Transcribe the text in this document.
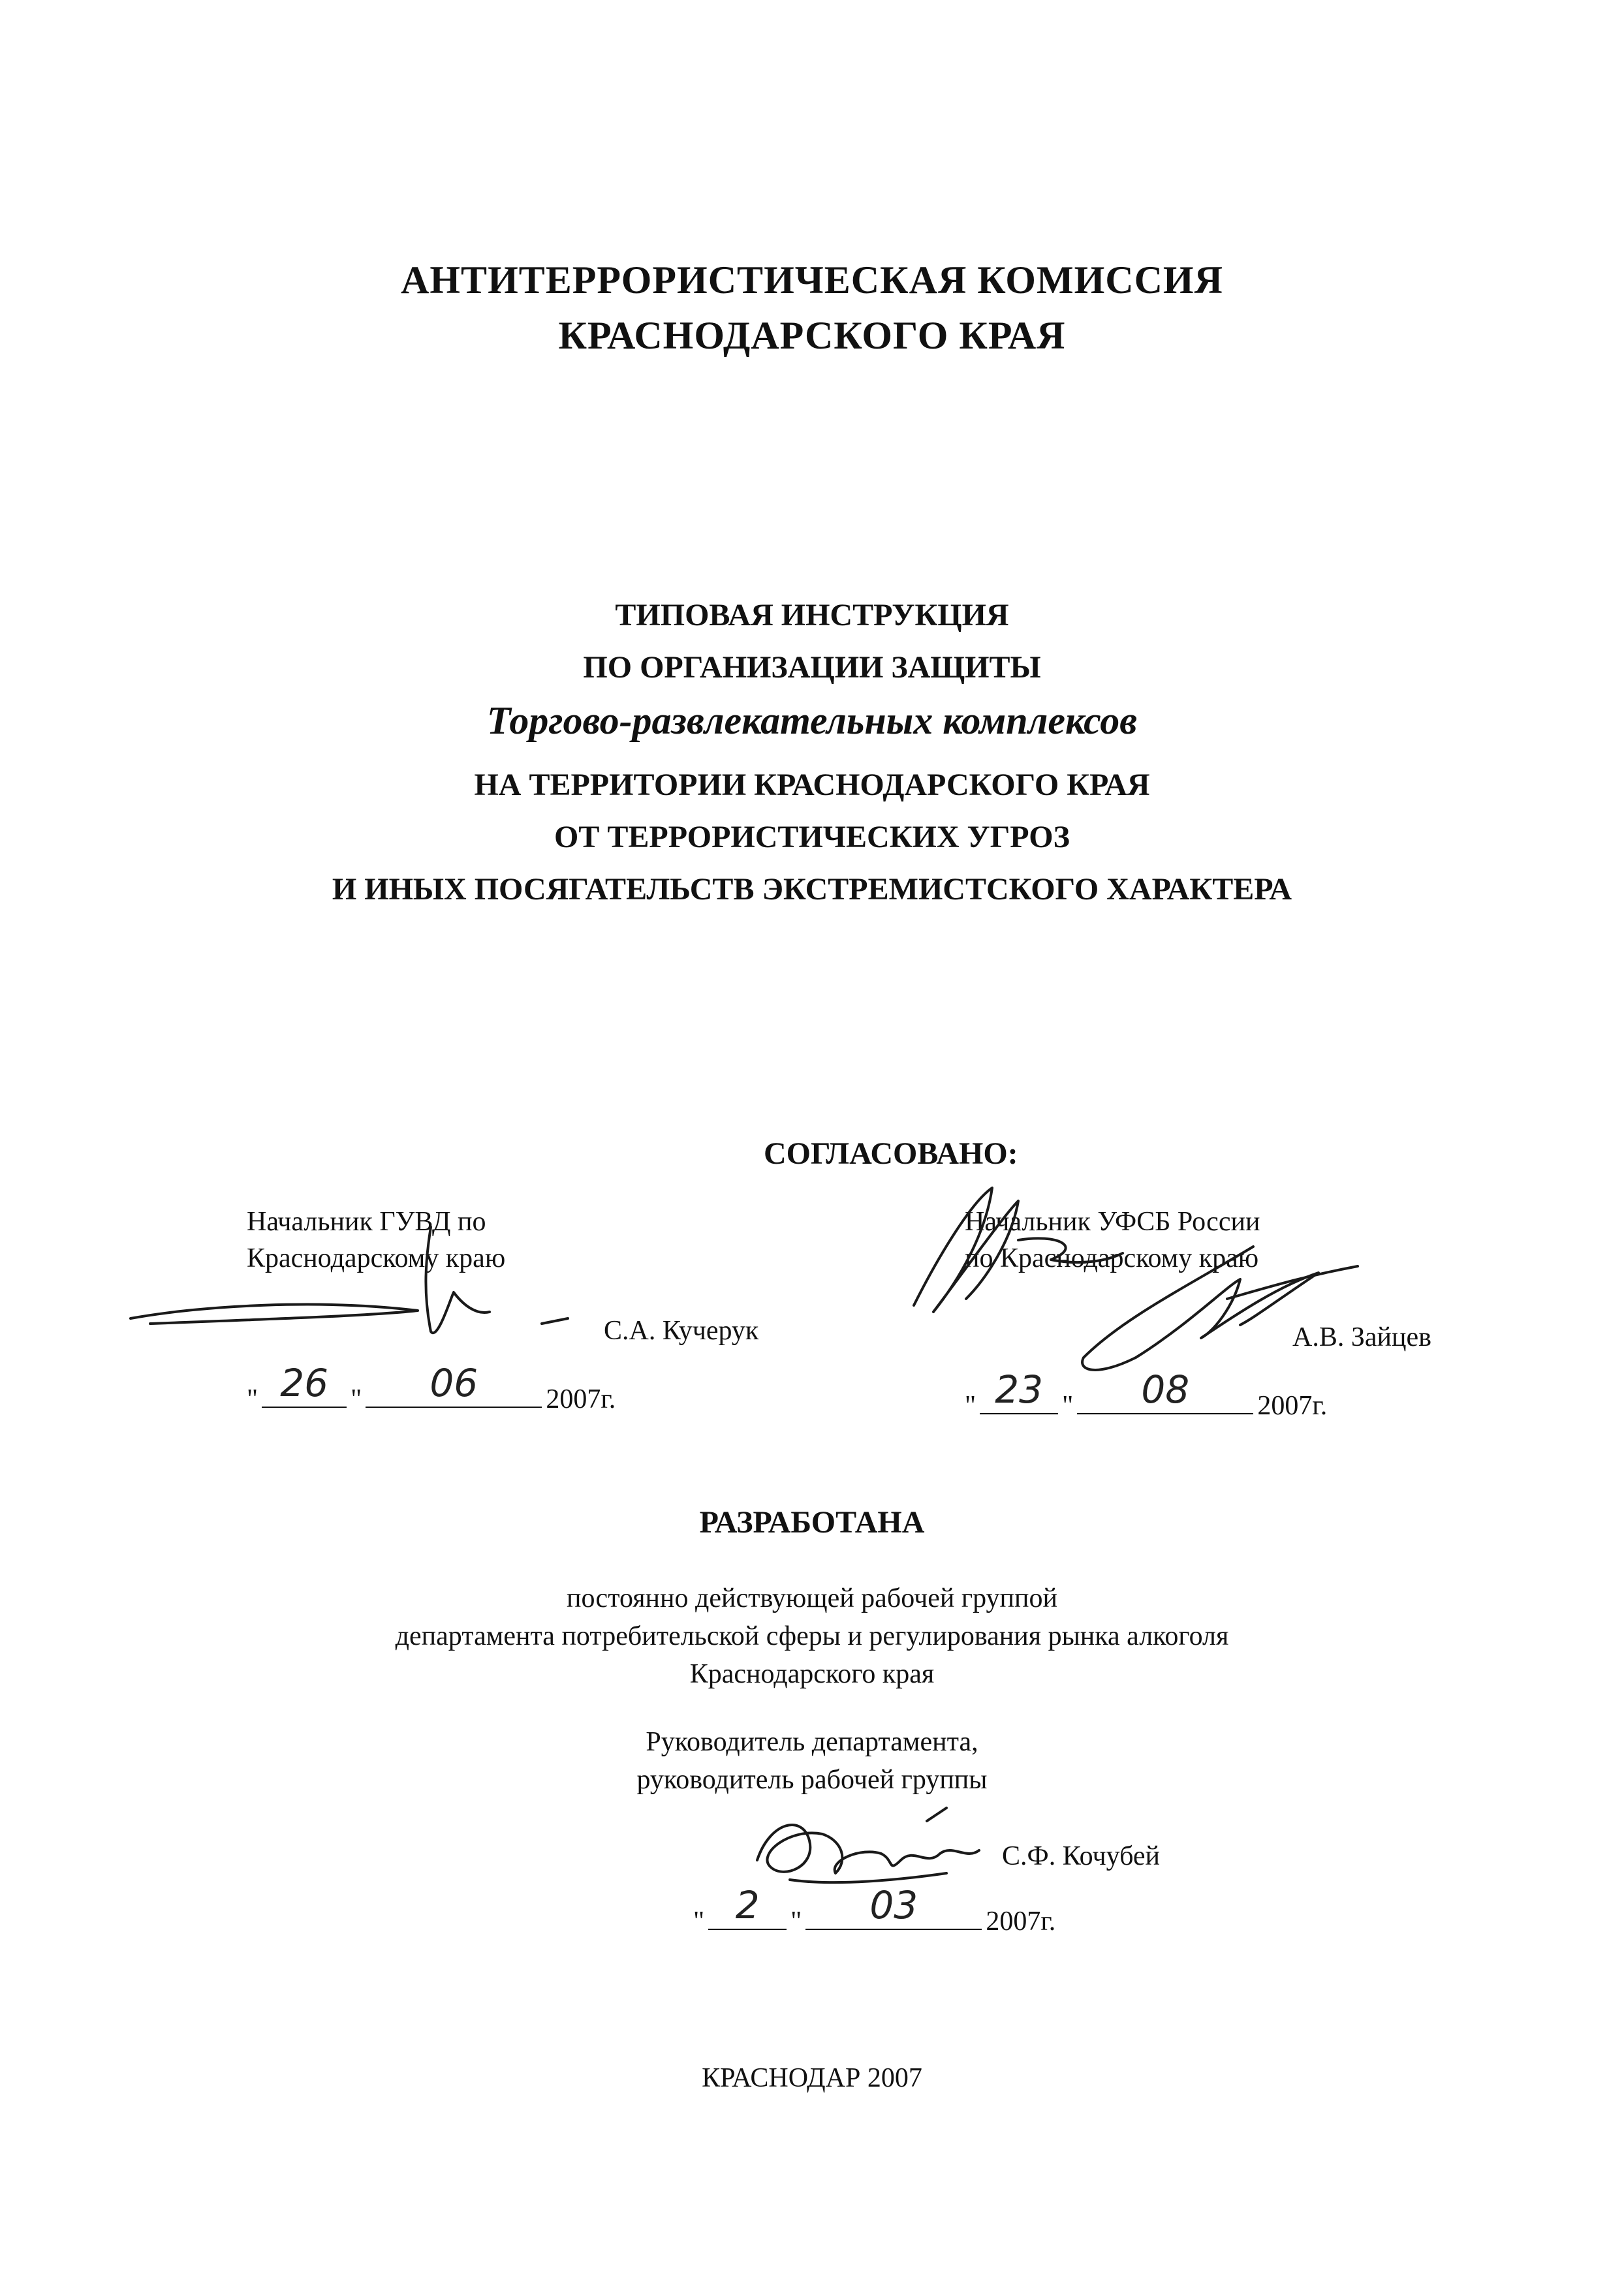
АНТИТЕРРОРИСТИЧЕСКАЯ КОМИССИЯ
КРАСНОДАРСКОГО КРАЯ
ТИПОВАЯ ИНСТРУКЦИЯ
ПО ОРГАНИЗАЦИИ ЗАЩИТЫ
Торгово-развлекательных комплексов
НА ТЕРРИТОРИИ КРАСНОДАРСКОГО КРАЯ
ОТ ТЕРРОРИСТИЧЕСКИХ УГРОЗ
И ИНЫХ ПОСЯГАТЕЛЬСТВ ЭКСТРЕМИСТСКОГО ХАРАКТЕРА
СОГЛАСОВАНО:
Начальник ГУВД по
Краснодарскому краю
С.А. Кучерук
" 26 "	06	2007г.
Начальник УФСБ России
по Краснодарскому краю
А.В. Зайцев
" 23 "	08	2007г.
РАЗРАБОТАНА
постоянно действующей рабочей группой
департамента потребительской сферы и регулирования рынка алкоголя
Краснодарского края
Руководитель департамента,
руководитель рабочей группы
С.Ф. Кочубей
" 2	"	03	2007г.
КРАСНОДАР 2007
